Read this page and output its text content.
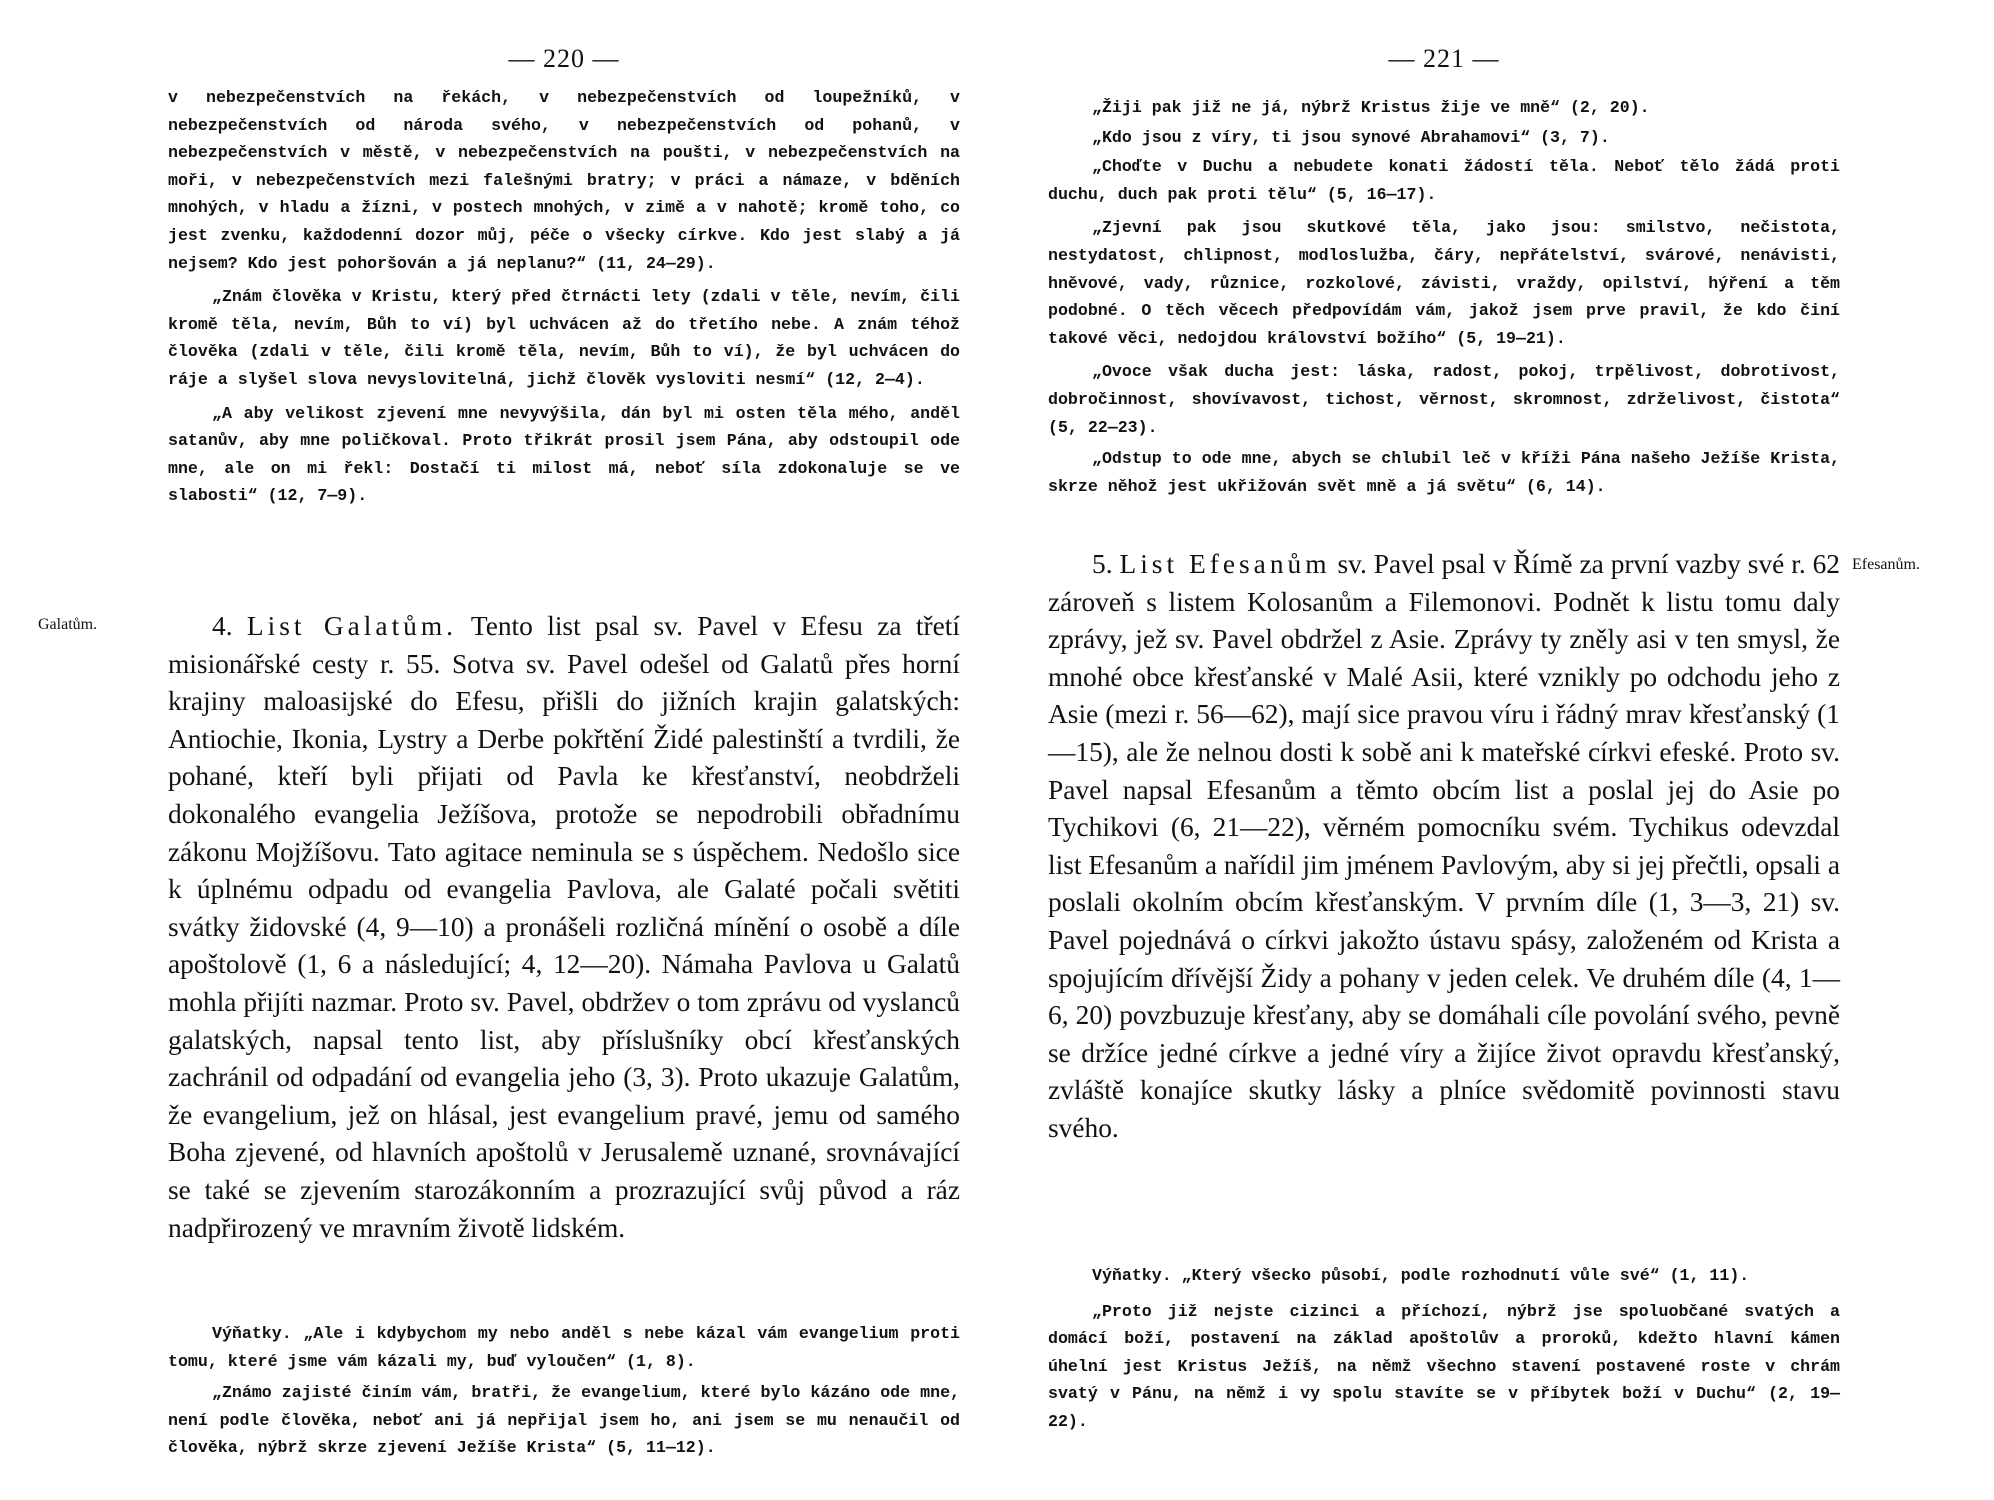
— 220 —

v nebezpečenstvích na řekách, v nebezpečenstvích od loupežníků, v nebezpečenstvích od národa svého, v nebezpečenstvích od pohanů, v nebezpečenstvích v městě, v nebezpečenstvích na poušti, v nebezpečenstvích na moři, v nebezpečenstvích mezi falešnými bratry; v práci a námaze, v bděních mnohých, v hladu a žízni, v postech mnohých, v zimě a v nahotě; kromě toho, co jest zvenku, každodenní dozor můj, péče o všecky církve. Kdo jest slabý a já nejsem? Kdo jest pohoršován a já neplanu?“ (11, 24—29).

„Znám člověka v Kristu, který před čtrnácti lety (zdali v těle, nevím, čili kromě těla, nevím, Bůh to ví) byl uchvácen až do třetího nebe. A znám téhož člověka (zdali v těle, čili kromě těla, nevím, Bůh to ví), že byl uchvácen do ráje a slyšel slova nevyslovitelná, jichž člověk vysloviti nesmí“ (12, 2—4).

„A aby velikost zjevení mne nevyvýšila, dán byl mi osten těla mého, anděl satanův, aby mne poličkoval. Proto třikrát prosil jsem Pána, aby odstoupil ode mne, ale on mi řekl: Dostačí ti milost má, neboť síla zdokonaluje se ve slabosti“ (12, 7—9).

4. List Galatům. Tento list psal sv. Pavel v Efesu za třetí misionářské cesty r. 55. Sotva sv. Pavel odešel od Galatů přes horní krajiny maloasijské do Efesu, přišli do jižních krajin galatských: Antiochie, Ikonia, Lystry a Derbe pokřtění Židé palestinští a tvrdili, že pohané, kteří byli přijati od Pavla ke křesťanství, neobdrželi dokonalého evangelia Ježíšova, protože se nepodrobili obřadnímu zákonu Mojžíšovu. Tato agitace neminula se s úspěchem. Nedošlo sice k úplnému odpadu od evangelia Pavlova, ale Galaté počali světiti svátky židovské (4, 9—10) a pronášeli rozličná mínění o osobě a díle apoštolově (1, 6 a následující; 4, 12—20). Námaha Pavlova u Galatů mohla přijíti nazmar. Proto sv. Pavel, obdržev o tom zprávu od vyslanců galatských, napsal tento list, aby příslušníky obcí křesťanských zachránil od odpadání od evangelia jeho (3, 3). Proto ukazuje Galatům, že evangelium, jež on hlásal, jest evangelium pravé, jemu od samého Boha zjevené, od hlavních apoštolů v Jerusalemě uznané, srovnávající se také se zjevením starozákonním a prozrazující svůj původ a ráz nadpřirozený ve mravním životě lidském.

Výňatky. „Ale i kdybychom my nebo anděl s nebe kázal vám evangelium proti tomu, které jsme vám kázali my, buď vyloučen“ (1, 8).

„Známo zajisté činím vám, bratři, že evangelium, které bylo kázáno ode mne, není podle člověka, neboť ani já nepřijal jsem ho, ani jsem se mu nenaučil od člověka, nýbrž skrze zjevení Ježíše Krista“ (5, 11—12).

Galatům.
— 221 —

„Žiji pak již ne já, nýbrž Kristus žije ve mně“ (2, 20).

„Kdo jsou z víry, ti jsou synové Abrahamovi“ (3, 7).

„Choďte v Duchu a nebudete konati žádostí těla. Neboť tělo žádá proti duchu, duch pak proti tělu“ (5, 16—17).

„Zjevní pak jsou skutkové těla, jako jsou: smilstvo, nečistota, nestydatost, chlipnost, modloslužba, čáry, nepřátelství, svárové, nenávisti, hněvové, vady, různice, rozkolové, závisti, vraždy, opilství, hýření a těm podobné. O těch věcech předpovídám vám, jakož jsem prve pravil, že kdo činí takové věci, nedojdou království božího“ (5, 19—21).

„Ovoce však ducha jest: láska, radost, pokoj, trpělivost, dobrotivost, dobročinnost, shovívavost, tichost, věrnost, skromnost, zdrželivost, čistota“ (5, 22—23).

„Odstup to ode mne, abych se chlubil leč v kříži Pána našeho Ježíše Krista, skrze něhož jest ukřižován svět mně a já světu“ (6, 14).

5. List Efesanům sv. Pavel psal v Římě za první vazby své r. 62 zároveň s listem Kolosanům a Filemonovi. Podnět k listu tomu daly zprávy, jež sv. Pavel obdržel z Asie. Zprávy ty zněly asi v ten smysl, že mnohé obce křesťanské v Malé Asii, které vznikly po odchodu jeho z Asie (mezi r. 56—62), mají sice pravou víru i řádný mrav křesťanský (1—15), ale že nelnou dosti k sobě ani k mateřské církvi efeské. Proto sv. Pavel napsal Efesanům a těmto obcím list a poslal jej do Asie po Tychikovi (6, 21—22), věrném pomocníku svém. Tychikus odevzdal list Efesanům a nařídil jim jménem Pavlovým, aby si jej přečtli, opsali a poslali okolním obcím křesťanským. V prvním díle (1, 3—3, 21) sv. Pavel pojednává o církvi jakožto ústavu spásy, založeném od Krista a spojujícím dřívější Židy a pohany v jeden celek. Ve druhém díle (4, 1—6, 20) povzbuzuje křesťany, aby se domáhali cíle povolání svého, pevně se držíce jedné církve a jedné víry a žijíce život opravdu křesťanský, zvláště konajíce skutky lásky a plníce svědomitě povinnosti stavu svého.

Výňatky. „Který všecko působí, podle rozhodnutí vůle své“ (1, 11).

„Proto již nejste cizinci a příchozí, nýbrž jse spoluobčané svatých a domácí boží, postavení na základ apoštolův a proroků, kdežto hlavní kámen úhelní jest Kristus Ježíš, na němž všechno stavení postavené roste v chrám svatý v Pánu, na němž i vy spolu stavíte se v příbytek boží v Duchu“ (2, 19—22).

Efesanům.
